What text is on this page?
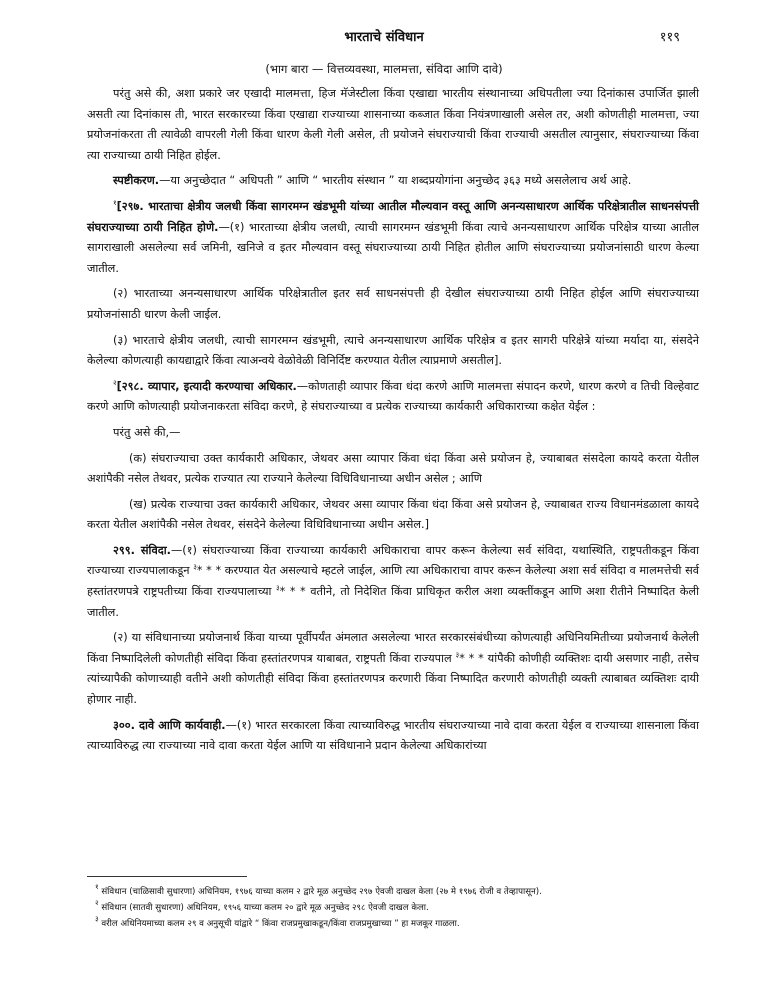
भारताचे संविधान	११९
(भाग बारा — वित्तव्यवस्था, मालमत्ता, संविदा आणि दावे)

परंतु असे की, अशा प्रकारे जर एखादी मालमत्ता, हिज मॅजेस्टीला किंवा एखाद्या भारतीय संस्थानाच्या अधिपतीला ज्या दिनांकास उपार्जित झाली असती त्या दिनांकास ती, भारत सरकारच्या किंवा एखाद्या राज्याच्या शासनाच्या कब्जात किंवा नियंत्रणाखाली असेल तर, अशी कोणतीही मालमत्ता, ज्या प्रयोजनांकरता ती त्यावेळी वापरली गेली किंवा धारण केली गेली असेल, ती प्रयोजने संघराज्याची किंवा राज्याची असतील त्यानुसार, संघराज्याच्या किंवा त्या राज्याच्या ठायी निहित होईल.

स्पष्टीकरण.—या अनुच्छेदात “ अधिपती ” आणि “ भारतीय संस्थान ” या शब्दप्रयोगांना अनुच्छेद ३६३ मध्ये असलेलाच अर्थ आहे.

$^१$[२९७. भारताचा क्षेत्रीय जलधी किंवा सागरमग्न खंडभूमी यांच्या आतील मौल्यवान वस्तू आणि अनन्यसाधारण आर्थिक परिक्षेत्रातील साधनसंपत्ती संघराज्याच्या ठायी निहित होणे.—(१) भारताच्या क्षेत्रीय जलधी, त्याची सागरमग्न खंडभूमी किंवा त्याचे अनन्यसाधारण आर्थिक परिक्षेत्र याच्या आतील सागराखाली असलेल्या सर्व जमिनी, खनिजे व इतर मौल्यवान वस्तू संघराज्याच्या ठायी निहित होतील आणि संघराज्याच्या प्रयोजनांसाठी धारण केल्या जातील.

(२) भारताच्या अनन्यसाधारण आर्थिक परिक्षेत्रातील इतर सर्व साधनसंपत्ती ही देखील संघराज्याच्या ठायी निहित होईल आणि संघराज्याच्या प्रयोजनांसाठी धारण केली जाईल.

(३) भारताचे क्षेत्रीय जलधी, त्याची सागरमग्न खंडभूमी, त्याचे अनन्यसाधारण आर्थिक परिक्षेत्र व इतर सागरी परिक्षेत्रे यांच्या मर्यादा या, संसदेने केलेल्या कोणत्याही कायद्याद्वारे किंवा त्याअन्वये वेळोवेळी विनिर्दिष्ट करण्यात येतील त्याप्रमाणे असतील].

$^२$[२९८. व्यापार, इत्यादी करण्याचा अधिकार.—कोणताही व्यापार किंवा धंदा करणे आणि मालमत्ता संपादन करणे, धारण करणे व तिची विल्हेवाट करणे आणि कोणत्याही प्रयोजनाकरता संविदा करणे, हे संघराज्याच्या व प्रत्येक राज्याच्या कार्यकारी अधिकाराच्या कक्षेत येईल :

परंतु असे की,—

(क) संघराज्याचा उक्त कार्यकारी अधिकार, जेथवर असा व्यापार किंवा धंदा किंवा असे प्रयोजन हे, ज्याबाबत संसदेला कायदे करता येतील अशांपैकी नसेल तेथवर, प्रत्येक राज्यात त्या राज्याने केलेल्या विधिविधानाच्या अधीन असेल ; आणि

(ख) प्रत्येक राज्याचा उक्त कार्यकारी अधिकार, जेथवर असा व्यापार किंवा धंदा किंवा असे प्रयोजन हे, ज्याबाबत राज्य विधानमंडळाला कायदे करता येतील अशांपैकी नसेल तेथवर, संसदेने केलेल्या विधिविधानाच्या अधीन असेल.]

२९९. संविदा.—(१) संघराज्याच्या किंवा राज्याच्या कार्यकारी अधिकाराचा वापर करून केलेल्या सर्व संविदा, यथास्थिति, राष्ट्रपतीकडून किंवा राज्याच्या राज्यपालाकडून $^३$* * * करण्यात येत असल्याचे म्हटले जाईल, आणि त्या अधिकाराचा वापर करून केलेल्या अशा सर्व संविदा व मालमत्तेची सर्व हस्तांतरणपत्रे राष्ट्रपतीच्या किंवा राज्यपालाच्या $^३$* * * वतीने, तो निदेशित किंवा प्राधिकृत करील अशा व्यक्तींकडून आणि अशा रीतीने निष्पादित केली जातील.

(२) या संविधानाच्या प्रयोजनार्थ किंवा याच्या पूर्वीपर्यंत अंमलात असलेल्या भारत सरकारसंबंधीच्या कोणत्याही अधिनियमितीच्या प्रयोजनार्थ केलेली किंवा निष्पादिलेली कोणतीही संविदा किंवा हस्तांतरणपत्र याबाबत, राष्ट्रपती किंवा राज्यपाल $^३$* * * यांपैकी कोणीही व्यक्तिशः दायी असणार नाही, तसेच त्यांच्यापैकी कोणाच्याही वतीने अशी कोणतीही संविदा किंवा हस्तांतरणपत्र करणारी किंवा निष्पादित करणारी कोणतीही व्यक्ती त्याबाबत व्यक्तिशः दायी होणार नाही.

३००. दावे आणि कार्यवाही.—(१) भारत सरकारला किंवा त्याच्याविरुद्ध भारतीय संघराज्याच्या नावे दावा करता येईल व राज्याच्या शासनाला किंवा त्याच्याविरुद्ध त्या राज्याच्या नावे दावा करता येईल आणि या संविधानाने प्रदान केलेल्या अधिकारांच्या

$^१$ संविधान (चाळिसावी सुधारणा) अधिनियम, १९७६ याच्या कलम २ द्वारे मूळ अनुच्छेद २९७ ऐवजी दाखल केला (२७ मे १९७६ रोजी व तेव्हापासून).
$^२$ संविधान (सातवी सुधारणा) अधिनियम, १९५६ याच्या कलम २० द्वारे मूळ अनुच्छेद २९८ ऐवजी दाखल केला.
$^३$ वरील अधिनियमाच्या कलम २९ व अनुसूची यांद्वारे “ किंवा राजप्रमुखाकडून/किंवा राजप्रमुखाच्या ” हा मजकूर गाळला.
